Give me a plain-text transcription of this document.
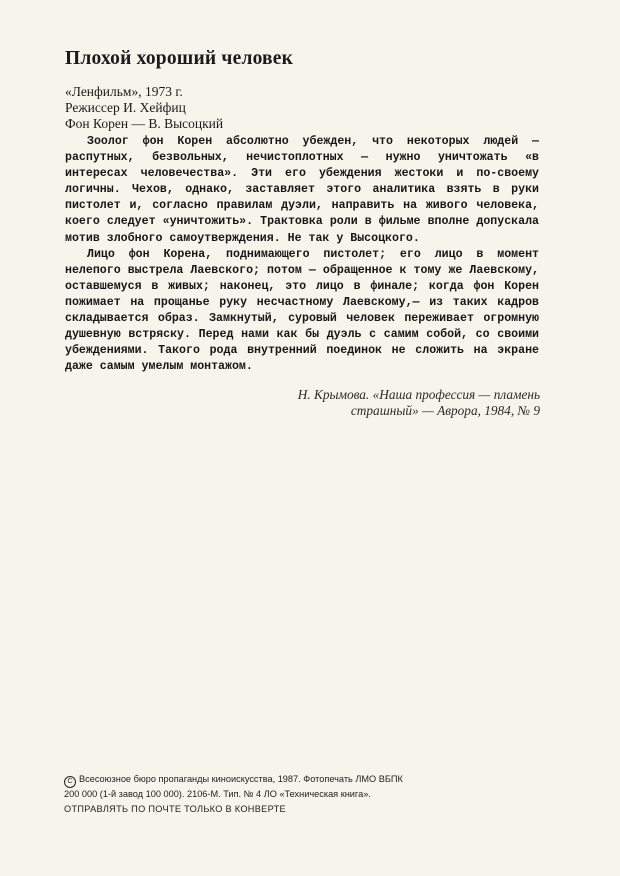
Плохой хороший человек
«Ленфильм», 1973 г.
Режиссер И. Хейфиц
Фон Корен — В. Высоцкий

Зоолог фон Корен абсолютно убежден, что некоторых людей — распутных, безвольных, нечистоплотных — нужно уничтожать «в интересах человечества». Эти его убеждения жестоки и по-своему логичны. Чехов, однако, заставляет этого аналитика взять в руки пистолет и, согласно правилам дуэли, направить на живого человека, коего следует «уничтожить». Трактовка роли в фильме вполне допускала мотив злобного самоутверждения. Не так у Высоцкого.

Лицо фон Корена, поднимающего пистолет; его лицо в момент нелепого выстрела Лаевского; потом — обращенное к тому же Лаевскому, оставшемуся в живых; наконец, это лицо в финале; когда фон Корен пожимает на прощанье руку несчастному Лаевскому,— из таких кадров складывается образ. Замкнутый, суровый человек переживает огромную душевную встряску. Перед нами как бы дуэль с самим собой, со своими убеждениями. Такого рода внутренний поединок не сложить на экране даже самым умелым монтажом.

Н. Крымова. «Наша профессия — пламень
страшный» — Аврора, 1984, № 9
C Всесоюзное бюро пропаганды киноискусства, 1987. Фотопечать ЛМО ВБПК
200 000 (1-й завод 100 000). 2106-М. Тип. № 4 ЛО «Техническая книга».
ОТПРАВЛЯТЬ ПО ПОЧТЕ ТОЛЬКО В КОНВЕРТЕ
